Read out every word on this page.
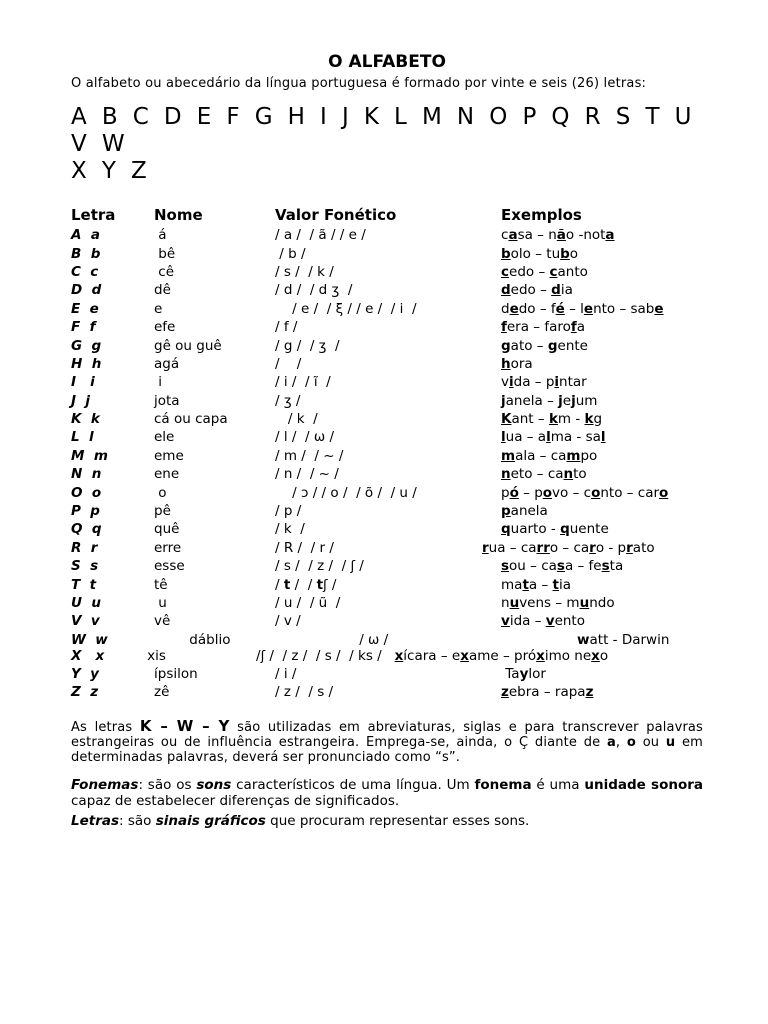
O ALFABETO
O alfabeto ou abecedário da língua portuguesa é formado por vinte e seis (26) letras:
A B C D E F G H I J K L M N O P Q R S T U V W
X Y Z
Letra	Nome	Valor Fonético	Exemplos
A  a	á	/ a /  / ã / / e /	casa – não -nota
B  b	bê	/ b /	bolo – tubo
C  c	cê	/ s /  / k /	cedo – canto
D  d	dê	/ d /  / d ʒ  /	dedo – dia
E  e	e	/ e /  / ξ / / e /  / i  /	dedo – fé – lento – sabe
F  f	efe	/ f /	fera – farofa
G  g	gê ou guê	/ g /  / ʒ  /	gato – gente
H  h	agá	/    /	hora
I   i	i	/ i /  / ĩ  /	vida – pintar
J  j	jota	/ ʒ /	janela – jejum
K  k	cá ou capa	/ k  /	Kant – km - kg
L  l	ele	/ l /  / ω /	lua – alma - sal
M  m	eme	/ m /  / ~ /	mala – campo
N  n	ene	/ n /  / ~ /	neto – canto
O  o	o	/ ɔ / / o /  / õ /  / u /	pó – povo – conto – caro
P  p	pê	/ p /	panela
Q  q	quê	/ k  /	quarto - quente
R  r	erre	/ R /  / r /	rua – carro – caro - prato
S  s	esse	/ s /  / z /  / ʃ /	sou – casa – festa
T  t	tê	/ t /  / tʃ /	mata – tia
U  u	u	/ u /  / ũ  /	nuvens – mundo
V  v	vê	/ v /	vida – vento
W  w                   dáblio                              / ω /                                            watt - Darwin
X   x          xis                     /ʃ /  / z /  / s /  / ks /   xícara – exame – próximo nexo
Y  y	ípsilon	/ i /	Taylor
Z  z	zê	/ z /  / s /	zebra – rapaz
As letras K – W – Y são utilizadas em abreviaturas, siglas e para transcrever palavras estrangeiras ou de influência estrangeira. Emprega-se, ainda, o Ç diante de a, o ou u em determinadas palavras, deverá ser pronunciado como “s”.
Fonemas: são os sons característicos de uma língua. Um fonema é uma unidade sonora capaz de estabelecer diferenças de significados.
Letras: são sinais gráficos que procuram representar esses sons.
